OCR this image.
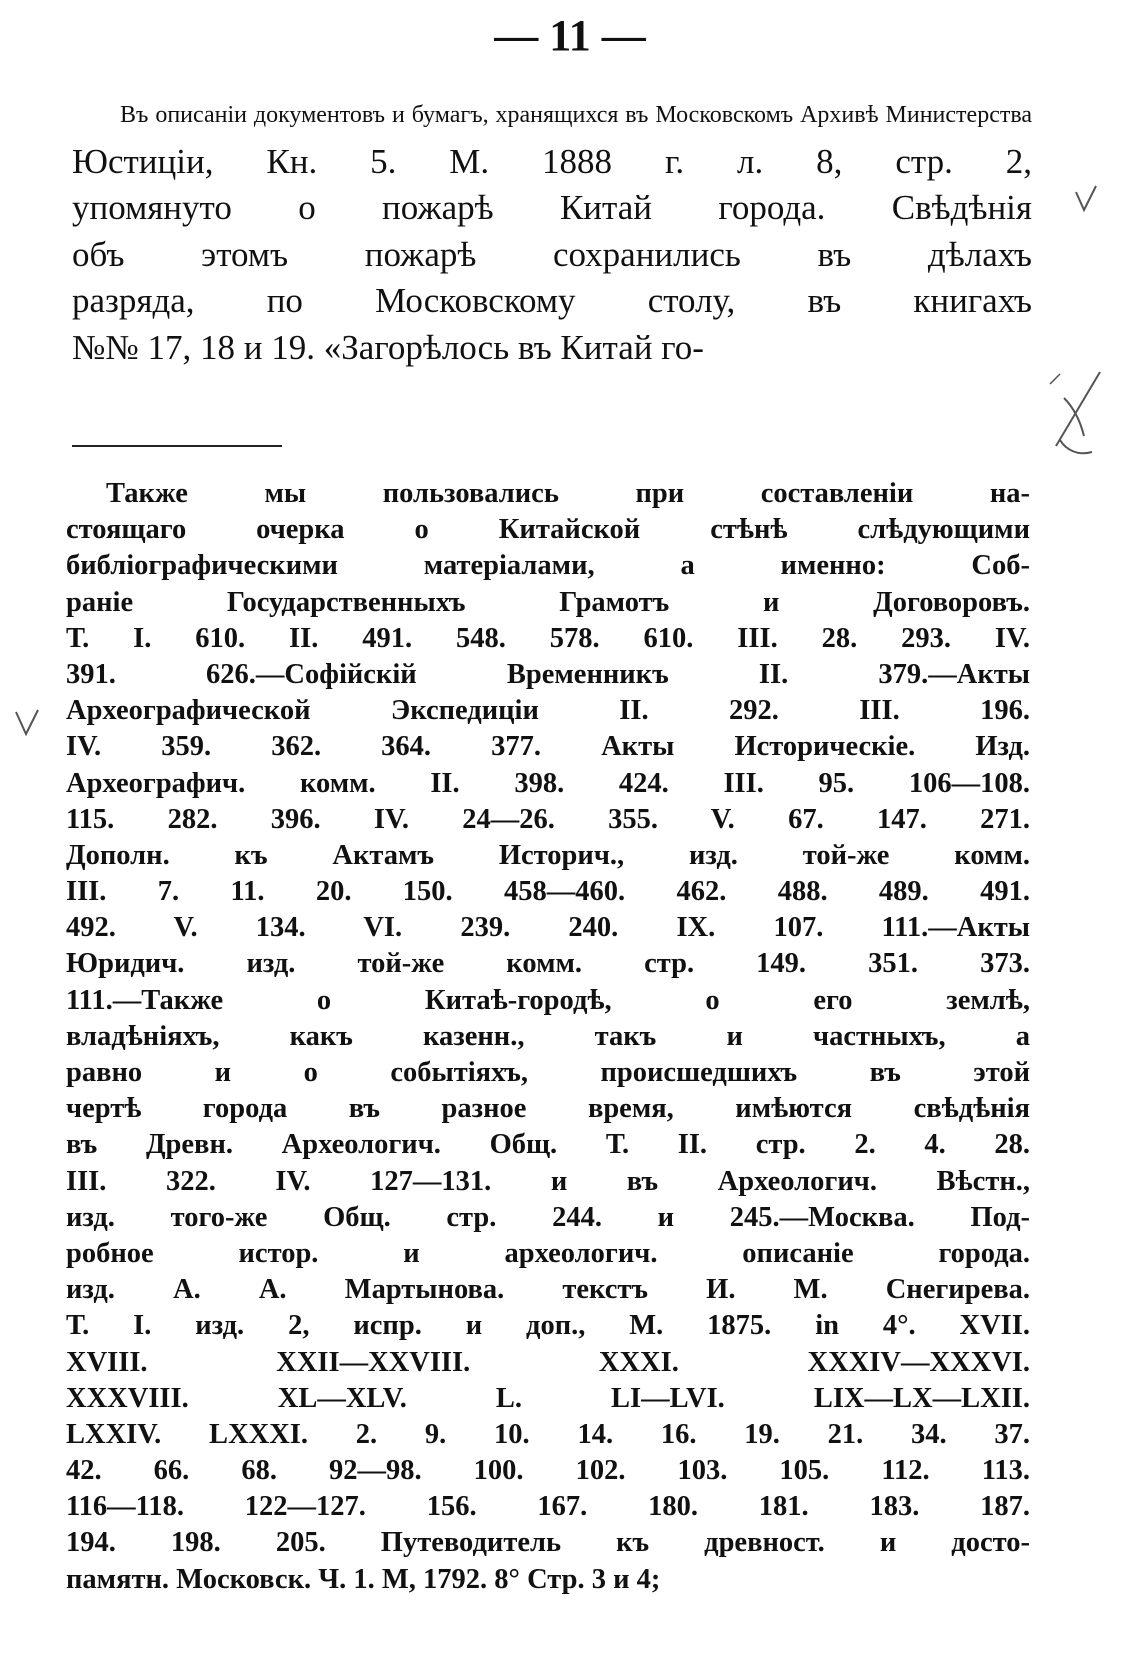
— 11 —
Въ описаніи документовъ и бумагъ, хранящихся въ Московскомъ Архивѣ Министерства
Юстиціи, Кн. 5. М. 1888 г. л. 8, стр. 2,
упомянуто о пожарѣ Китай города. Свѣдѣнія
объ этомъ пожарѣ сохранились въ дѣлахъ
разряда, по Московскому столу, въ книгахъ
№№ 17, 18 и 19. «Загорѣлось въ Китай го-
Также мы пользовались при составленіи на-
стоящаго очерка о Китайской стѣнѣ слѣдующими
библіографическими матеріалами, а именно: Соб-
раніе Государственныхъ Грамотъ и Договоровъ.
Т. I. 610. II. 491. 548. 578. 610. III. 28. 293. IV.
391. 626.—Софійскій Временникъ II. 379.—Акты
Археографической Экспедиціи II. 292. III. 196.
IV. 359. 362. 364. 377. Акты Историческіе. Изд.
Археографич. комм. II. 398. 424. III. 95. 106—108.
115. 282. 396. IV. 24—26. 355. V. 67. 147. 271.
Дополн. къ Актамъ Историч., изд. той-же комм.
III. 7. 11. 20. 150. 458—460. 462. 488. 489. 491.
492. V. 134. VI. 239. 240. IX. 107. 111.—Акты
Юридич. изд. той-же комм. стр. 149. 351. 373.
111.—Также о Китаѣ-городѣ, о его землѣ,
владѣніяхъ, какъ казенн., такъ и частныхъ, а
равно и о событіяхъ, происшедшихъ въ этой
чертѣ города въ разное время, имѣются свѣдѣнія
въ Древн. Археологич. Общ. Т. II. стр. 2. 4. 28.
III. 322. IV. 127—131. и въ Археологич. Вѣстн.,
изд. того-же Общ. стр. 244. и 245.—Москва. Под-
робное истор. и археологич. описаніе города.
изд. А. А. Мартынова. текстъ И. М. Снегирева.
Т. I. изд. 2, испр. и доп., М. 1875. in 4°. XVII.
XVIII. XXII—XXVIII. XXXI. XXXIV—XXXVI.
XXXVIII. XL—XLV. L. LI—LVI. LIX—LX—LXII.
LXXIV. LXXXI. 2. 9. 10. 14. 16. 19. 21. 34. 37.
42. 66. 68. 92—98. 100. 102. 103. 105. 112. 113.
116—118. 122—127. 156. 167. 180. 181. 183. 187.
194. 198. 205. Путеводитель къ древност. и досто-
памятн. Московск. Ч. 1. М, 1792. 8° Стр. 3 и 4;
